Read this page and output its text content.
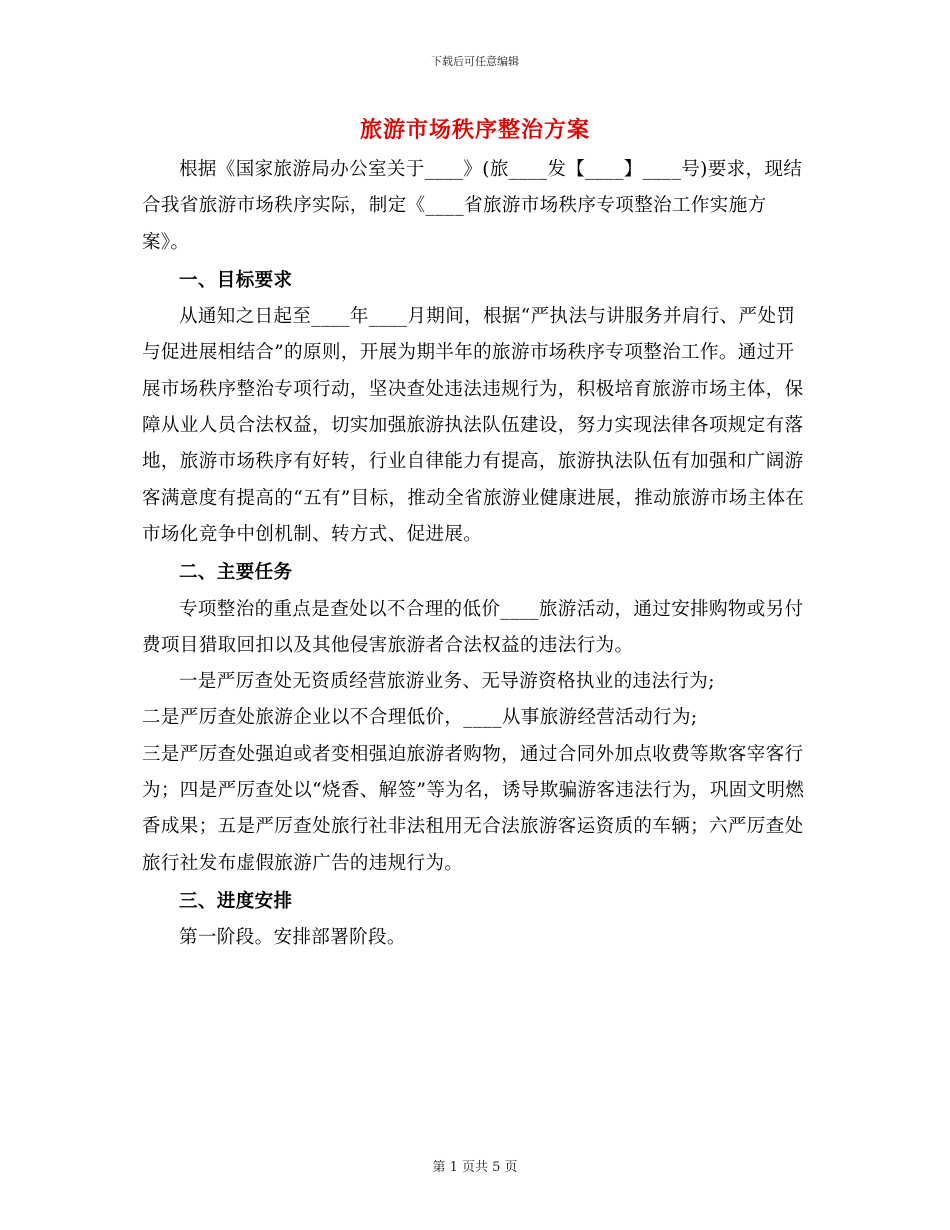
下载后可任意编辑
旅游市场秩序整治方案

根据《国家旅游局办公室关于____》(旅____发【____】____号)要求，现结合我省旅游市场秩序实际，制定《____省旅游市场秩序专项整治工作实施方案》。

一、目标要求

从通知之日起至____年____月期间，根据“严执法与讲服务并肩行、严处罚与促进展相结合”的原则，开展为期半年的旅游市场秩序专项整治工作。通过开展市场秩序整治专项行动，坚决查处违法违规行为，积极培育旅游市场主体，保障从业人员合法权益，切实加强旅游执法队伍建设，努力实现法律各项规定有落地，旅游市场秩序有好转，行业自律能力有提高，旅游执法队伍有加强和广阔游客满意度有提高的“五有”目标，推动全省旅游业健康进展，推动旅游市场主体在市场化竞争中创机制、转方式、促进展。

二、主要任务

专项整治的重点是查处以不合理的低价____旅游活动，通过安排购物或另付费项目猎取回扣以及其他侵害旅游者合法权益的违法行为。

一是严厉查处无资质经营旅游业务、无导游资格执业的违法行为;

二是严厉查处旅游企业以不合理低价，____从事旅游经营活动行为;

三是严厉查处强迫或者变相强迫旅游者购物，通过合同外加点收费等欺客宰客行为；四是严厉查处以“烧香、解签”等为名，诱导欺骗游客违法行为，巩固文明燃香成果；五是严厉查处旅行社非法租用无合法旅游客运资质的车辆；六严厉查处旅行社发布虚假旅游广告的违规行为。

三、进度安排

第一阶段。安排部署阶段。

第 1 页共 5 页
